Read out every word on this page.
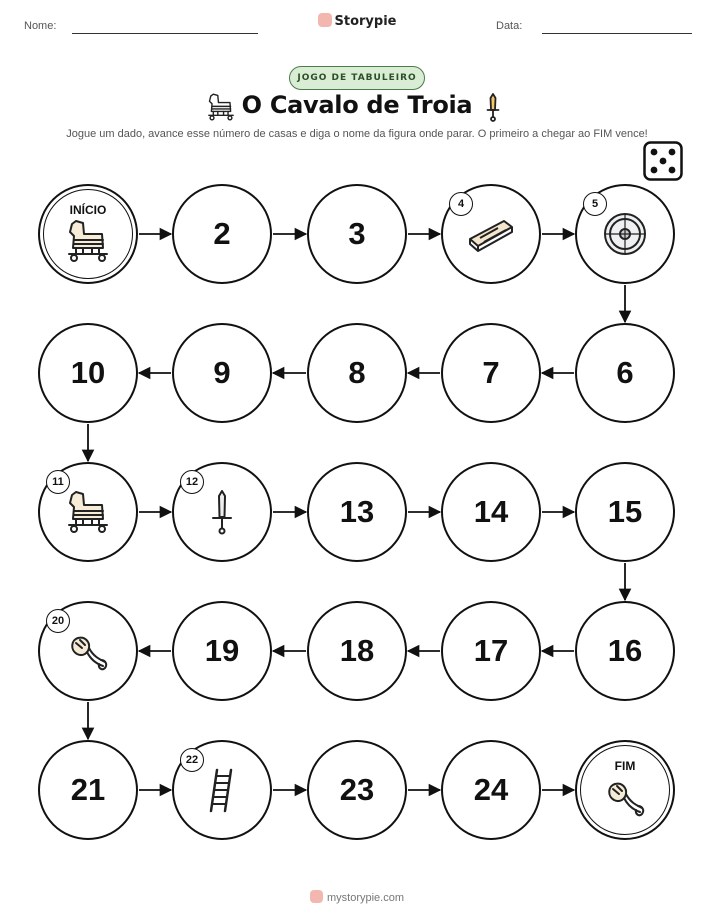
Nome:	Storypie	Data:
JOGO DE TABULEIRO
O Cavalo de Troia
Jogue um dado, avance esse número de casas e diga o nome da figura onde parar. O primeiro a chegar ao FIM vence!
INÍCIO
2	3
4	5
6
7
8
9
10
11	12
13	14	15
16
17
18
19
20
21
22
23	24
FIM
mystorypie.com
